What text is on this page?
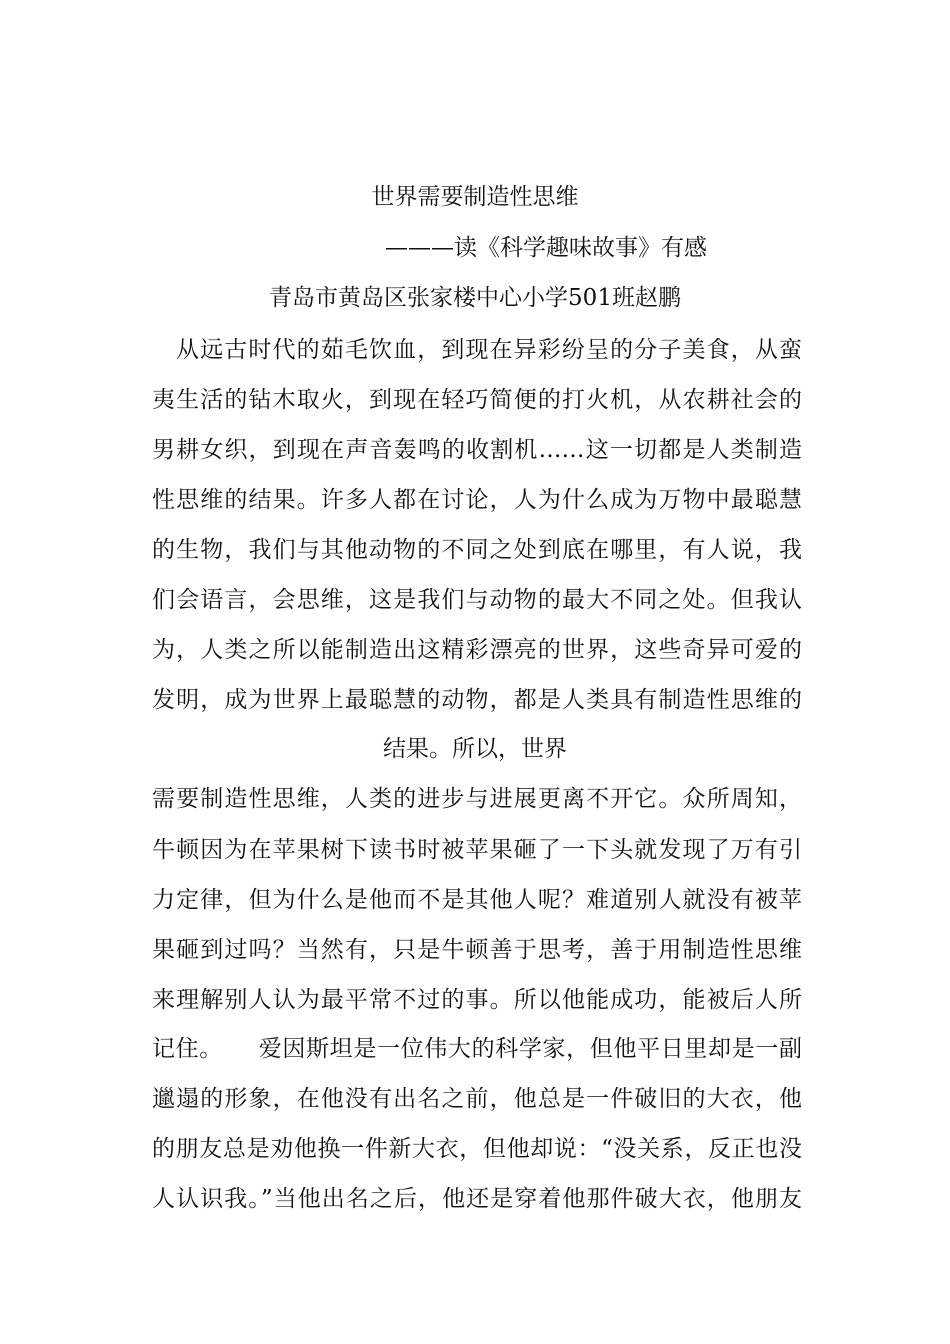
世界需要制造性思维
———读《科学趣味故事》有感
青岛市黄岛区张家楼中心小学501班赵鹏
从远古时代的茹毛饮血，到现在异彩纷呈的分子美食，从蛮
夷生活的钻木取火，到现在轻巧简便的打火机，从农耕社会的
男耕女织，到现在声音轰鸣的收割机……这一切都是人类制造
性思维的结果。许多人都在讨论，人为什么成为万物中最聪慧
的生物，我们与其他动物的不同之处到底在哪里，有人说，我
们会语言，会思维，这是我们与动物的最大不同之处。但我认
为，人类之所以能制造出这精彩漂亮的世界，这些奇异可爱的
发明，成为世界上最聪慧的动物，都是人类具有制造性思维的
结果。所以，世界
需要制造性思维，人类的进步与进展更离不开它。众所周知，
牛顿因为在苹果树下读书时被苹果砸了一下头就发现了万有引
力定律，但为什么是他而不是其他人呢？难道别人就没有被苹
果砸到过吗？当然有，只是牛顿善于思考，善于用制造性思维
来理解别人认为最平常不过的事。所以他能成功，能被后人所
记住。　　爱因斯坦是一位伟大的科学家，但他平日里却是一副
邋遢的形象，在他没有出名之前，他总是一件破旧的大衣，他
的朋友总是劝他换一件新大衣，但他却说：“没关系，反正也没
人认识我。”当他出名之后，他还是穿着他那件破大衣，他朋友
